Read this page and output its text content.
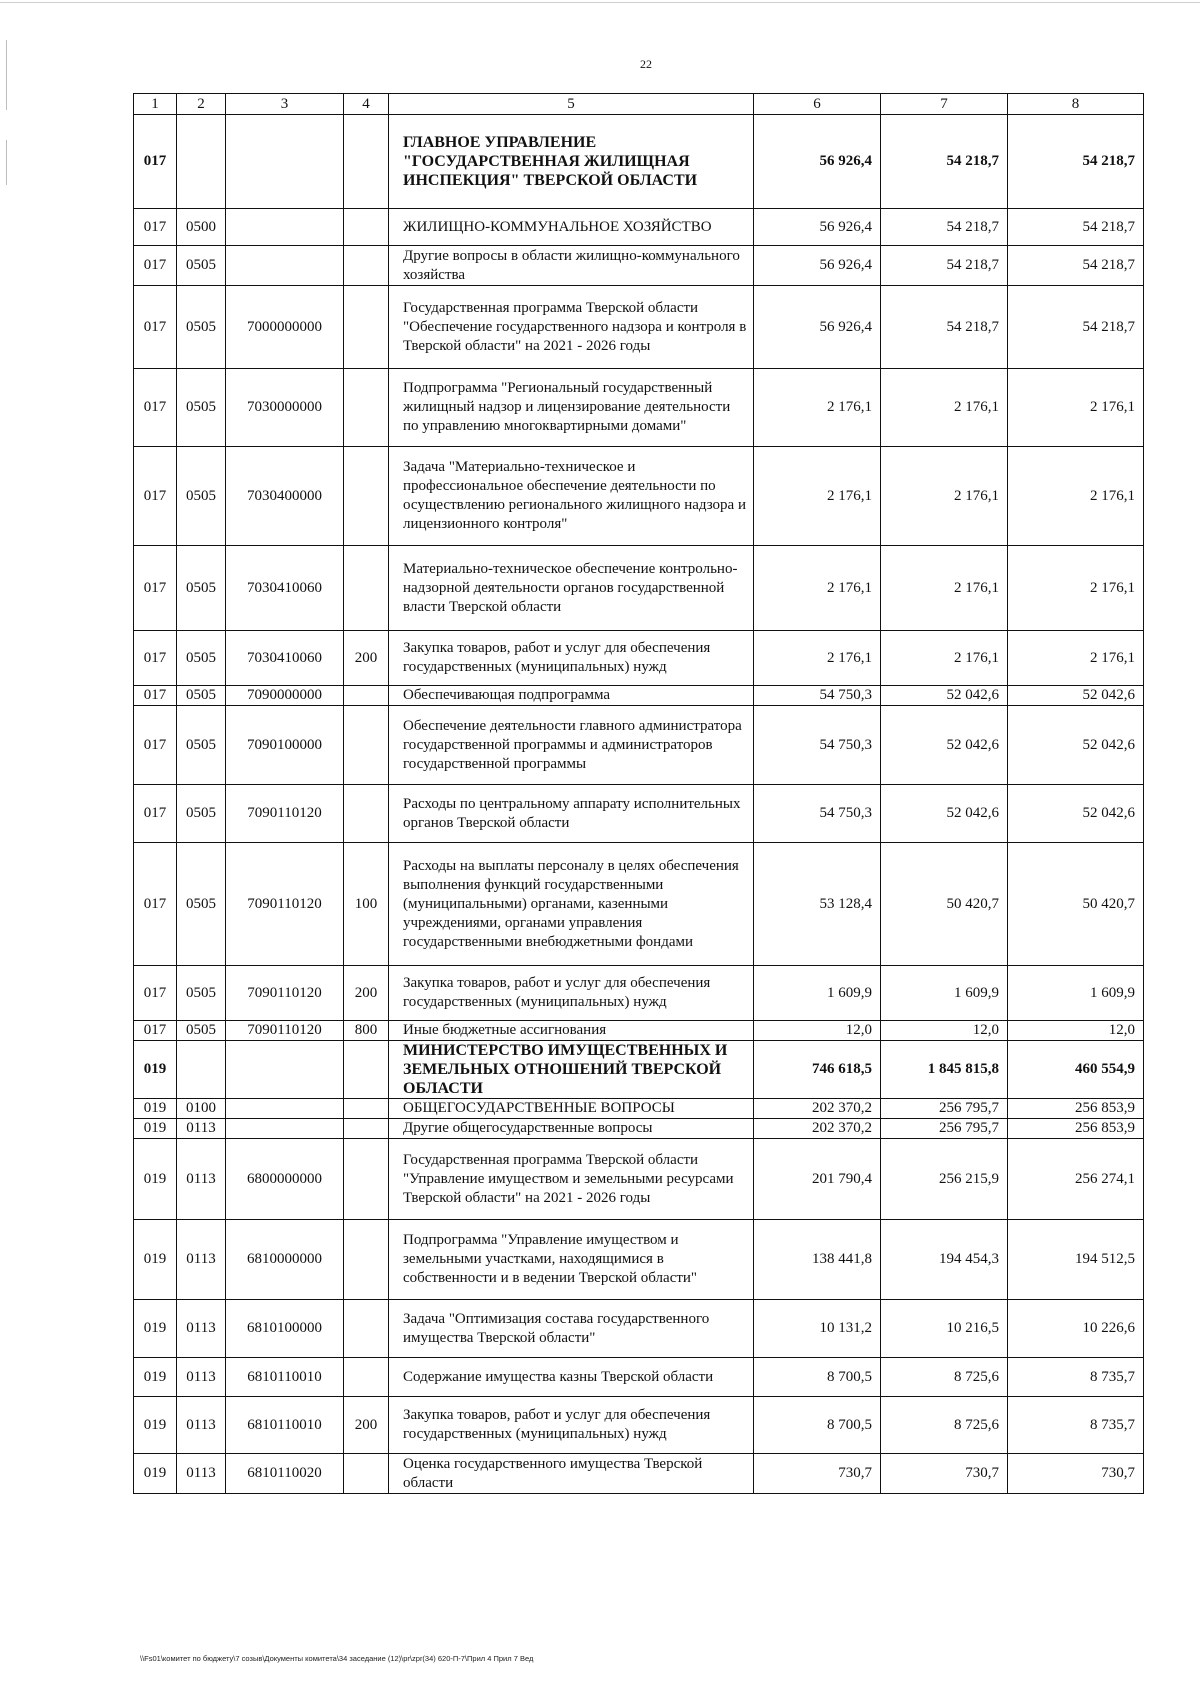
22
1	2	3	4	5	6	7	8
017				ГЛАВНОЕ УПРАВЛЕНИЕ "ГОСУДАРСТВЕННАЯ ЖИЛИЩНАЯ ИНСПЕКЦИЯ" ТВЕРСКОЙ ОБЛАСТИ	56 926,4	54 218,7	54 218,7
017	0500			ЖИЛИЩНО-КОММУНАЛЬНОЕ ХОЗЯЙСТВО	56 926,4	54 218,7	54 218,7
017	0505			Другие вопросы в области жилищно-коммунального хозяйства	56 926,4	54 218,7	54 218,7
017	0505	7000000000		Государственная программа Тверской области "Обеспечение государственного надзора и контроля в Тверской области" на 2021 - 2026 годы	56 926,4	54 218,7	54 218,7
017	0505	7030000000		Подпрограмма "Региональный государственный жилищный надзор и лицензирование деятельности по управлению многоквартирными домами"	2 176,1	2 176,1	2 176,1
017	0505	7030400000		Задача "Материально-техническое и профессиональное обеспечение деятельности по осуществлению регионального жилищного надзора и лицензионного контроля"	2 176,1	2 176,1	2 176,1
017	0505	7030410060		Материально-техническое обеспечение контрольно-надзорной деятельности органов государственной власти Тверской области	2 176,1	2 176,1	2 176,1
017	0505	7030410060	200	Закупка товаров, работ и услуг для обеспечения государственных (муниципальных) нужд	2 176,1	2 176,1	2 176,1
017	0505	7090000000		Обеспечивающая подпрограмма	54 750,3	52 042,6	52 042,6
017	0505	7090100000		Обеспечение деятельности главного администратора государственной программы и администраторов государственной программы	54 750,3	52 042,6	52 042,6
017	0505	7090110120		Расходы по центральному аппарату исполнительных органов Тверской области	54 750,3	52 042,6	52 042,6
017	0505	7090110120	100	Расходы на выплаты персоналу в целях обеспечения выполнения функций государственными (муниципальными) органами, казенными учреждениями, органами управления государственными внебюджетными фондами	53 128,4	50 420,7	50 420,7
017	0505	7090110120	200	Закупка товаров, работ и услуг для обеспечения государственных (муниципальных) нужд	1 609,9	1 609,9	1 609,9
017	0505	7090110120	800	Иные бюджетные ассигнования	12,0	12,0	12,0
019				МИНИСТЕРСТВО ИМУЩЕСТВЕННЫХ И ЗЕМЕЛЬНЫХ ОТНОШЕНИЙ ТВЕРСКОЙ ОБЛАСТИ	746 618,5	1 845 815,8	460 554,9
019	0100			ОБЩЕГОСУДАРСТВЕННЫЕ ВОПРОСЫ	202 370,2	256 795,7	256 853,9
019	0113			Другие общегосударственные вопросы	202 370,2	256 795,7	256 853,9
019	0113	6800000000		Государственная программа Тверской области "Управление имуществом и земельными ресурсами Тверской области" на 2021 - 2026 годы	201 790,4	256 215,9	256 274,1
019	0113	6810000000		Подпрограмма "Управление имуществом и земельными участками, находящимися в собственности и в ведении Тверской области"	138 441,8	194 454,3	194 512,5
019	0113	6810100000		Задача "Оптимизация состава государственного имущества Тверской области"	10 131,2	10 216,5	10 226,6
019	0113	6810110010		Содержание имущества казны Тверской области	8 700,5	8 725,6	8 735,7
019	0113	6810110010	200	Закупка товаров, работ и услуг для обеспечения государственных (муниципальных) нужд	8 700,5	8 725,6	8 735,7
019	0113	6810110020		Оценка государственного имущества Тверской области	730,7	730,7	730,7
\\Fs01\комитет по бюджету\7 созыв\Документы комитета\34 заседание (12)\pr\zpr(34) 620-П-7\Прил 4 Прил 7 Вед
